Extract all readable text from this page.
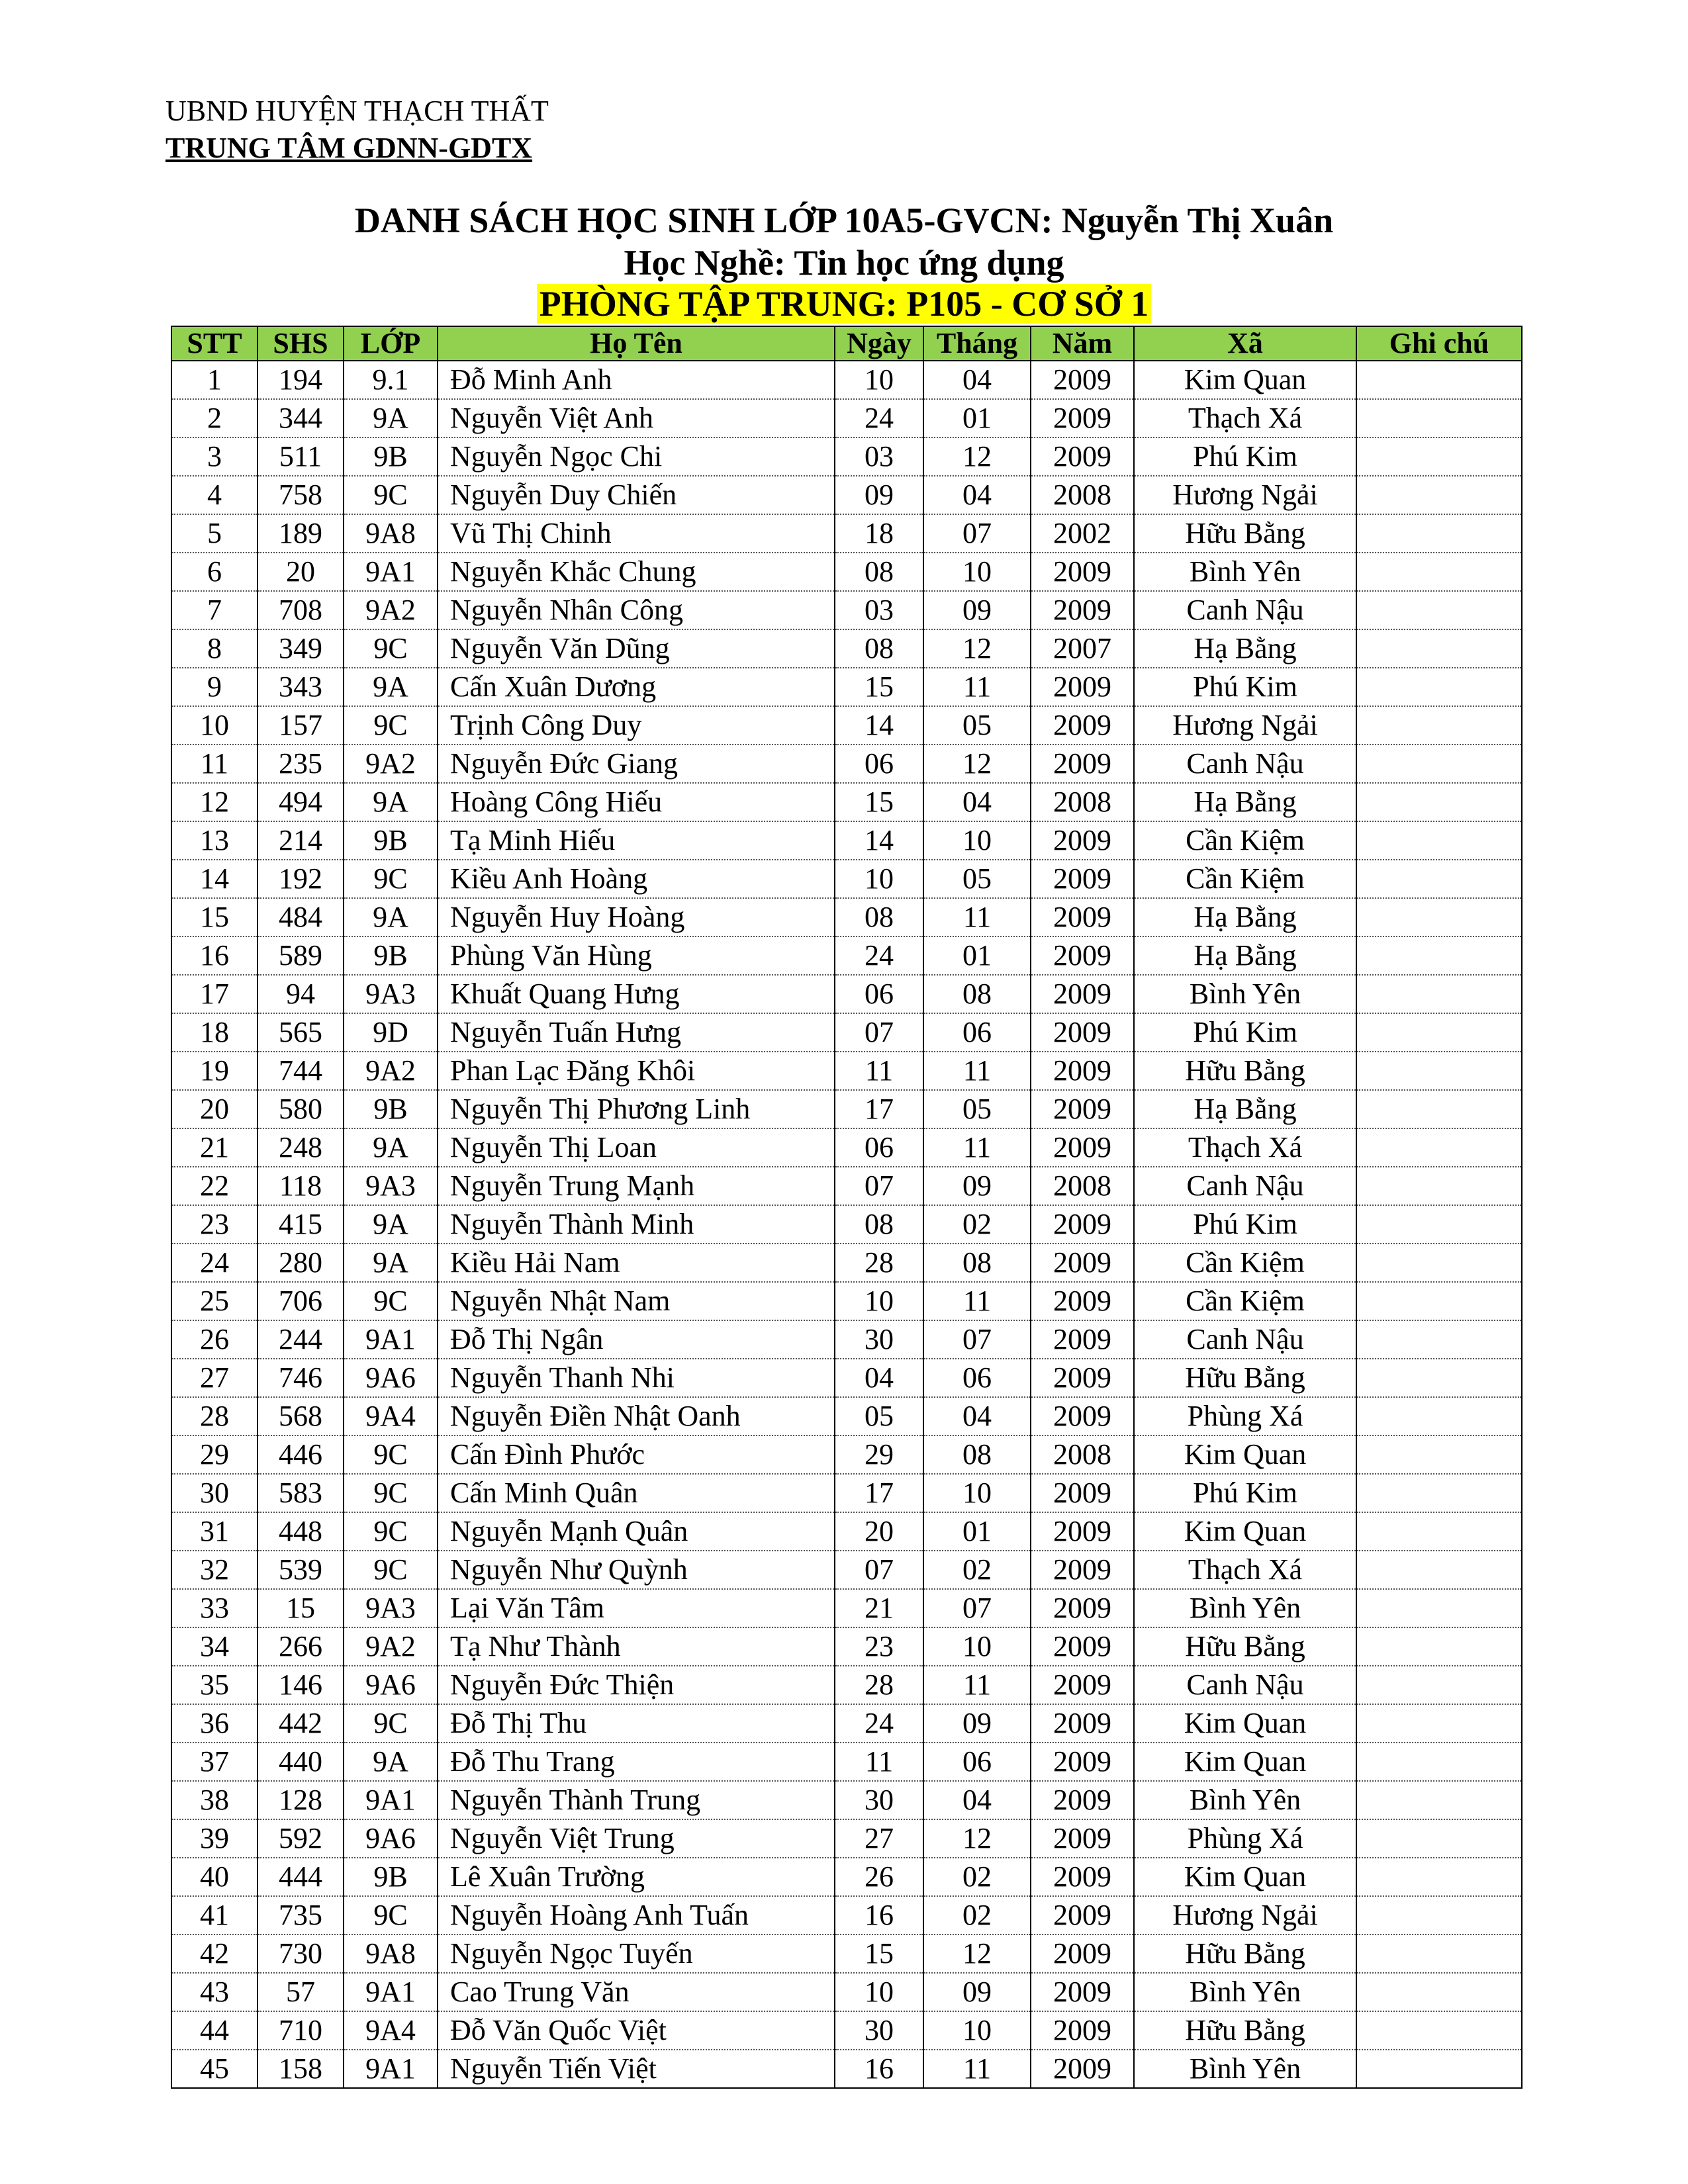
UBND HUYỆN THẠCH THẤT
TRUNG TÂM GDNN-GDTX
DANH SÁCH HỌC SINH LỚP 10A5-GVCN: Nguyễn Thị Xuân
Học Nghề: Tin học ứng dụng
PHÒNG TẬP TRUNG: P105 - CƠ SỞ 1
STT	SHS	LỚP	Họ Tên	Ngày	Tháng	Năm	Xã	Ghi chú
1	194	9.1	Đỗ Minh Anh	10	04	2009	Kim Quan	
2	344	9A	Nguyễn Việt Anh	24	01	2009	Thạch Xá	
3	511	9B	Nguyễn Ngọc Chi	03	12	2009	Phú Kim	
4	758	9C	Nguyễn Duy Chiến	09	04	2008	Hương Ngải	
5	189	9A8	Vũ Thị Chinh	18	07	2002	Hữu Bằng	
6	20	9A1	Nguyễn Khắc Chung	08	10	2009	Bình Yên	
7	708	9A2	Nguyễn Nhân Công	03	09	2009	Canh Nậu	
8	349	9C	Nguyễn Văn Dũng	08	12	2007	Hạ Bằng	
9	343	9A	Cấn Xuân Dương	15	11	2009	Phú Kim	
10	157	9C	Trịnh Công Duy	14	05	2009	Hương Ngải	
11	235	9A2	Nguyễn Đức Giang	06	12	2009	Canh Nậu	
12	494	9A	Hoàng Công Hiếu	15	04	2008	Hạ Bằng	
13	214	9B	Tạ Minh Hiếu	14	10	2009	Cần Kiệm	
14	192	9C	Kiều Anh Hoàng	10	05	2009	Cần Kiệm	
15	484	9A	Nguyễn Huy Hoàng	08	11	2009	Hạ Bằng	
16	589	9B	Phùng Văn Hùng	24	01	2009	Hạ Bằng	
17	94	9A3	Khuất Quang Hưng	06	08	2009	Bình Yên	
18	565	9D	Nguyễn Tuấn Hưng	07	06	2009	Phú Kim	
19	744	9A2	Phan Lạc Đăng Khôi	11	11	2009	Hữu Bằng	
20	580	9B	Nguyễn Thị Phương Linh	17	05	2009	Hạ Bằng	
21	248	9A	Nguyễn Thị Loan	06	11	2009	Thạch Xá	
22	118	9A3	Nguyễn Trung Mạnh	07	09	2008	Canh Nậu	
23	415	9A	Nguyễn Thành Minh	08	02	2009	Phú Kim	
24	280	9A	Kiều Hải Nam	28	08	2009	Cần Kiệm	
25	706	9C	Nguyễn Nhật Nam	10	11	2009	Cần Kiệm	
26	244	9A1	Đỗ Thị Ngân	30	07	2009	Canh Nậu	
27	746	9A6	Nguyễn Thanh Nhi	04	06	2009	Hữu Bằng	
28	568	9A4	Nguyễn Điền Nhật Oanh	05	04	2009	Phùng Xá	
29	446	9C	Cấn Đình Phước	29	08	2008	Kim Quan	
30	583	9C	Cấn Minh Quân	17	10	2009	Phú Kim	
31	448	9C	Nguyễn Mạnh Quân	20	01	2009	Kim Quan	
32	539	9C	Nguyễn Như Quỳnh	07	02	2009	Thạch Xá	
33	15	9A3	Lại Văn Tâm	21	07	2009	Bình Yên	
34	266	9A2	Tạ Như Thành	23	10	2009	Hữu Bằng	
35	146	9A6	Nguyễn Đức Thiện	28	11	2009	Canh Nậu	
36	442	9C	Đỗ Thị Thu	24	09	2009	Kim Quan	
37	440	9A	Đỗ Thu Trang	11	06	2009	Kim Quan	
38	128	9A1	Nguyễn Thành Trung	30	04	2009	Bình Yên	
39	592	9A6	Nguyễn Việt Trung	27	12	2009	Phùng Xá	
40	444	9B	Lê Xuân Trường	26	02	2009	Kim Quan	
41	735	9C	Nguyễn Hoàng Anh Tuấn	16	02	2009	Hương Ngải	
42	730	9A8	Nguyễn Ngọc Tuyến	15	12	2009	Hữu Bằng	
43	57	9A1	Cao Trung Văn	10	09	2009	Bình Yên	
44	710	9A4	Đỗ Văn Quốc Việt	30	10	2009	Hữu Bằng	
45	158	9A1	Nguyễn Tiến Việt	16	11	2009	Bình Yên	
